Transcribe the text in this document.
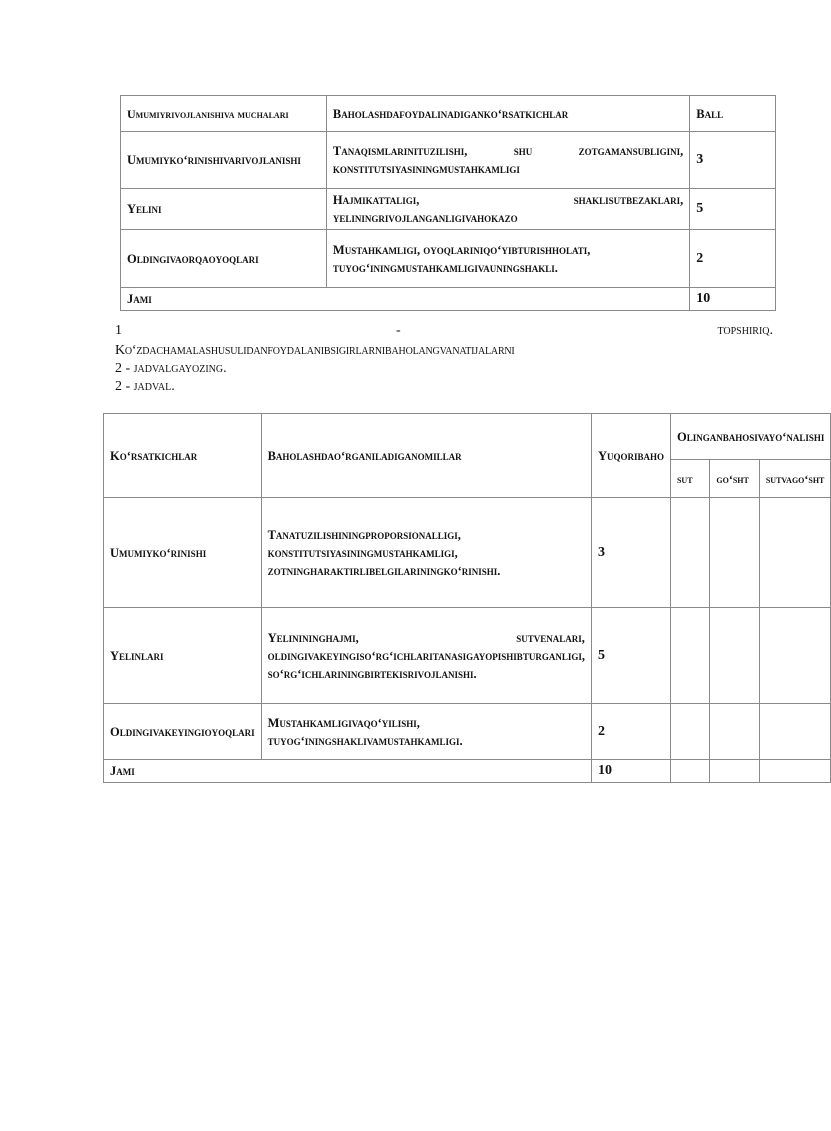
Umumiyrivojlanishiva muchalari	Baholashdafoydalinadiganko‘rsatkichlar	Ball
Umumiyko‘rinishivarivojlanishi	Tanaqismlarinituzilishi, shu zotgamansubligini, konstitutsiyasiningmustahkamligi	3
Yelini	Hajmikattaligi, shaklisutbezaklari, yeliningrivojlanganligivahokazo	5
Oldingivaorqaoyoqlari	Mustahkamligi, oyoqlariniqo‘yibturishholati, tuyog‘iningmustahkamligivauningshakli.	2
Jami		10
1	-	topshiriq.
Ko‘zdachamalashusulidanfoydalanibsigirlarnibaholangvanatijalarni
2 - jadvalgayozing.
2 - jadval.
Ko‘rsatkichlar	Baholashdao‘rganiladiganomillar	Yuqoribaho	Olinganbahosivayo‘nalishi		
			sut	go‘sht	sutvago‘sht
Umumiyko‘rinishi	Tanatuzilishiningproporsionalligi, konstitutsiyasiningmustahkamligi, zotningharaktirlibelgilariningko‘rinishi.	3			
Yelinlari	Yelinininghajmi, sutvenalari, oldingivakeyingiso‘rg‘ichlaritanasigayopishibturganligi, so‘rg‘ichlariningbirtekisrivojlanishi.	5			
Oldingivakeyingioyoqlari	Mustahkamligivaqo‘yilishi, tuyog‘iningshaklivamustahkamligi.	2			
Jami		10			
